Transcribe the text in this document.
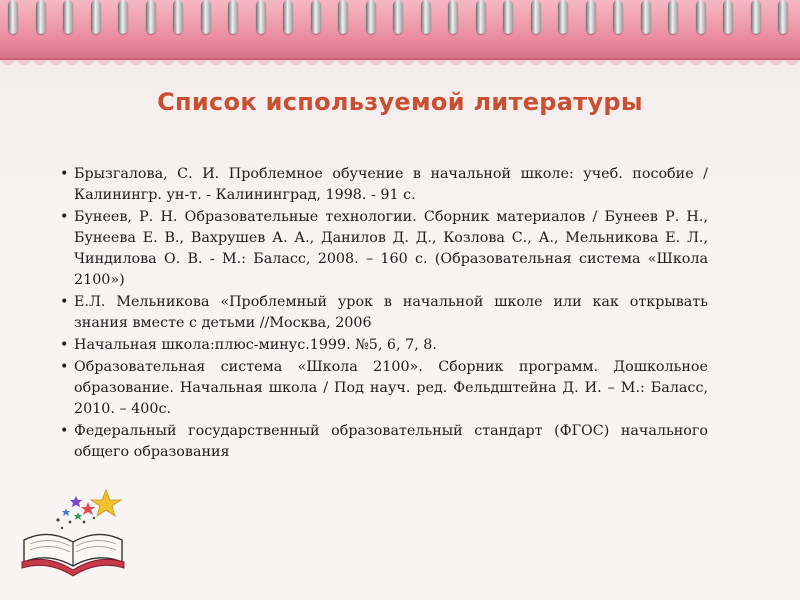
Список используемой литературы
• Брызгалова, С. И. Проблемное обучение в начальной школе: учеб. пособие / Калинингр. ун-т. - Калининград, 1998. - 91 с.
• Бунеев, Р. Н. Образовательные технологии. Сборник материалов / Бунеев Р. Н., Бунеева Е. В., Вахрушев А. А., Данилов Д. Д., Козлова С., А., Мельникова Е. Л., Чиндилова О. В. - М.: Баласс, 2008. – 160 с. (Образовательная система «Школа 2100»)
• Е.Л. Мельникова «Проблемный урок в начальной школе или как открывать знания вместе с детьми //Москва, 2006
• Начальная школа:плюс-минус.1999. №5, 6, 7, 8.
• Образовательная система «Школа 2100». Сборник программ. Дошкольное образование. Начальная школа / Под науч. ред. Фельдштейна Д. И. – М.: Баласс, 2010. – 400с.
• Федеральный государственный образовательный стандарт (ФГОС) начального общего образования
